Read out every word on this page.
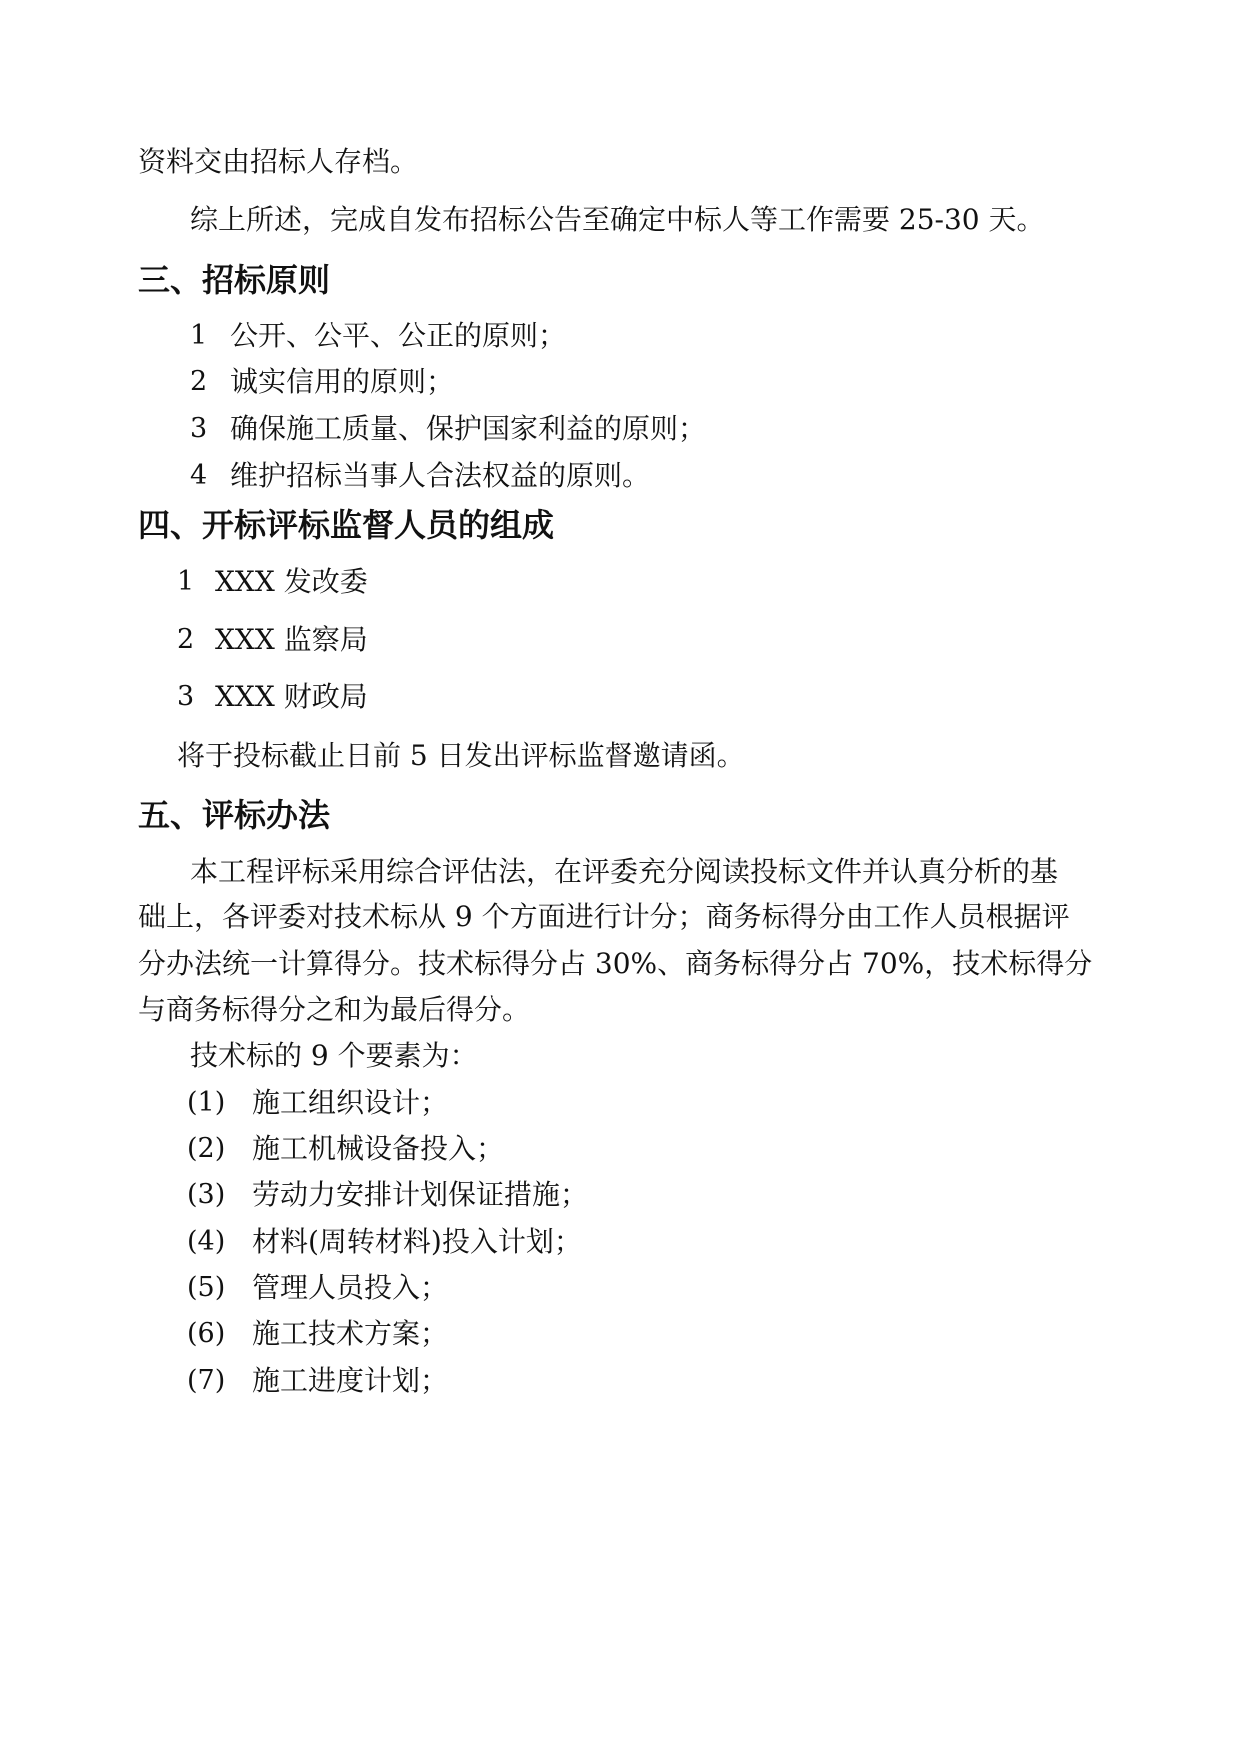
资料交由招标人存档。
综上所述，完成自发布招标公告至确定中标人等工作需要 25-30 天。
三、招标原则
1 公开、公平、公正的原则；
2 诚实信用的原则；
3 确保施工质量、保护国家利益的原则；
4 维护招标当事人合法权益的原则。
四、开标评标监督人员的组成
1 XXX 发改委
2 XXX 监察局
3 XXX 财政局
将于投标截止日前 5 日发出评标监督邀请函。
五、评标办法
本工程评标采用综合评估法，在评委充分阅读投标文件并认真分析的基
础上，各评委对技术标从 9 个方面进行计分；商务标得分由工作人员根据评
分办法统一计算得分。技术标得分占 30%、商务标得分占 70%，技术标得分
与商务标得分之和为最后得分。
技术标的 9 个要素为：
(1) 施工组织设计；
(2) 施工机械设备投入；
(3) 劳动力安排计划保证措施；
(4) 材料(周转材料)投入计划；
(5) 管理人员投入；
(6) 施工技术方案；
(7) 施工进度计划；
